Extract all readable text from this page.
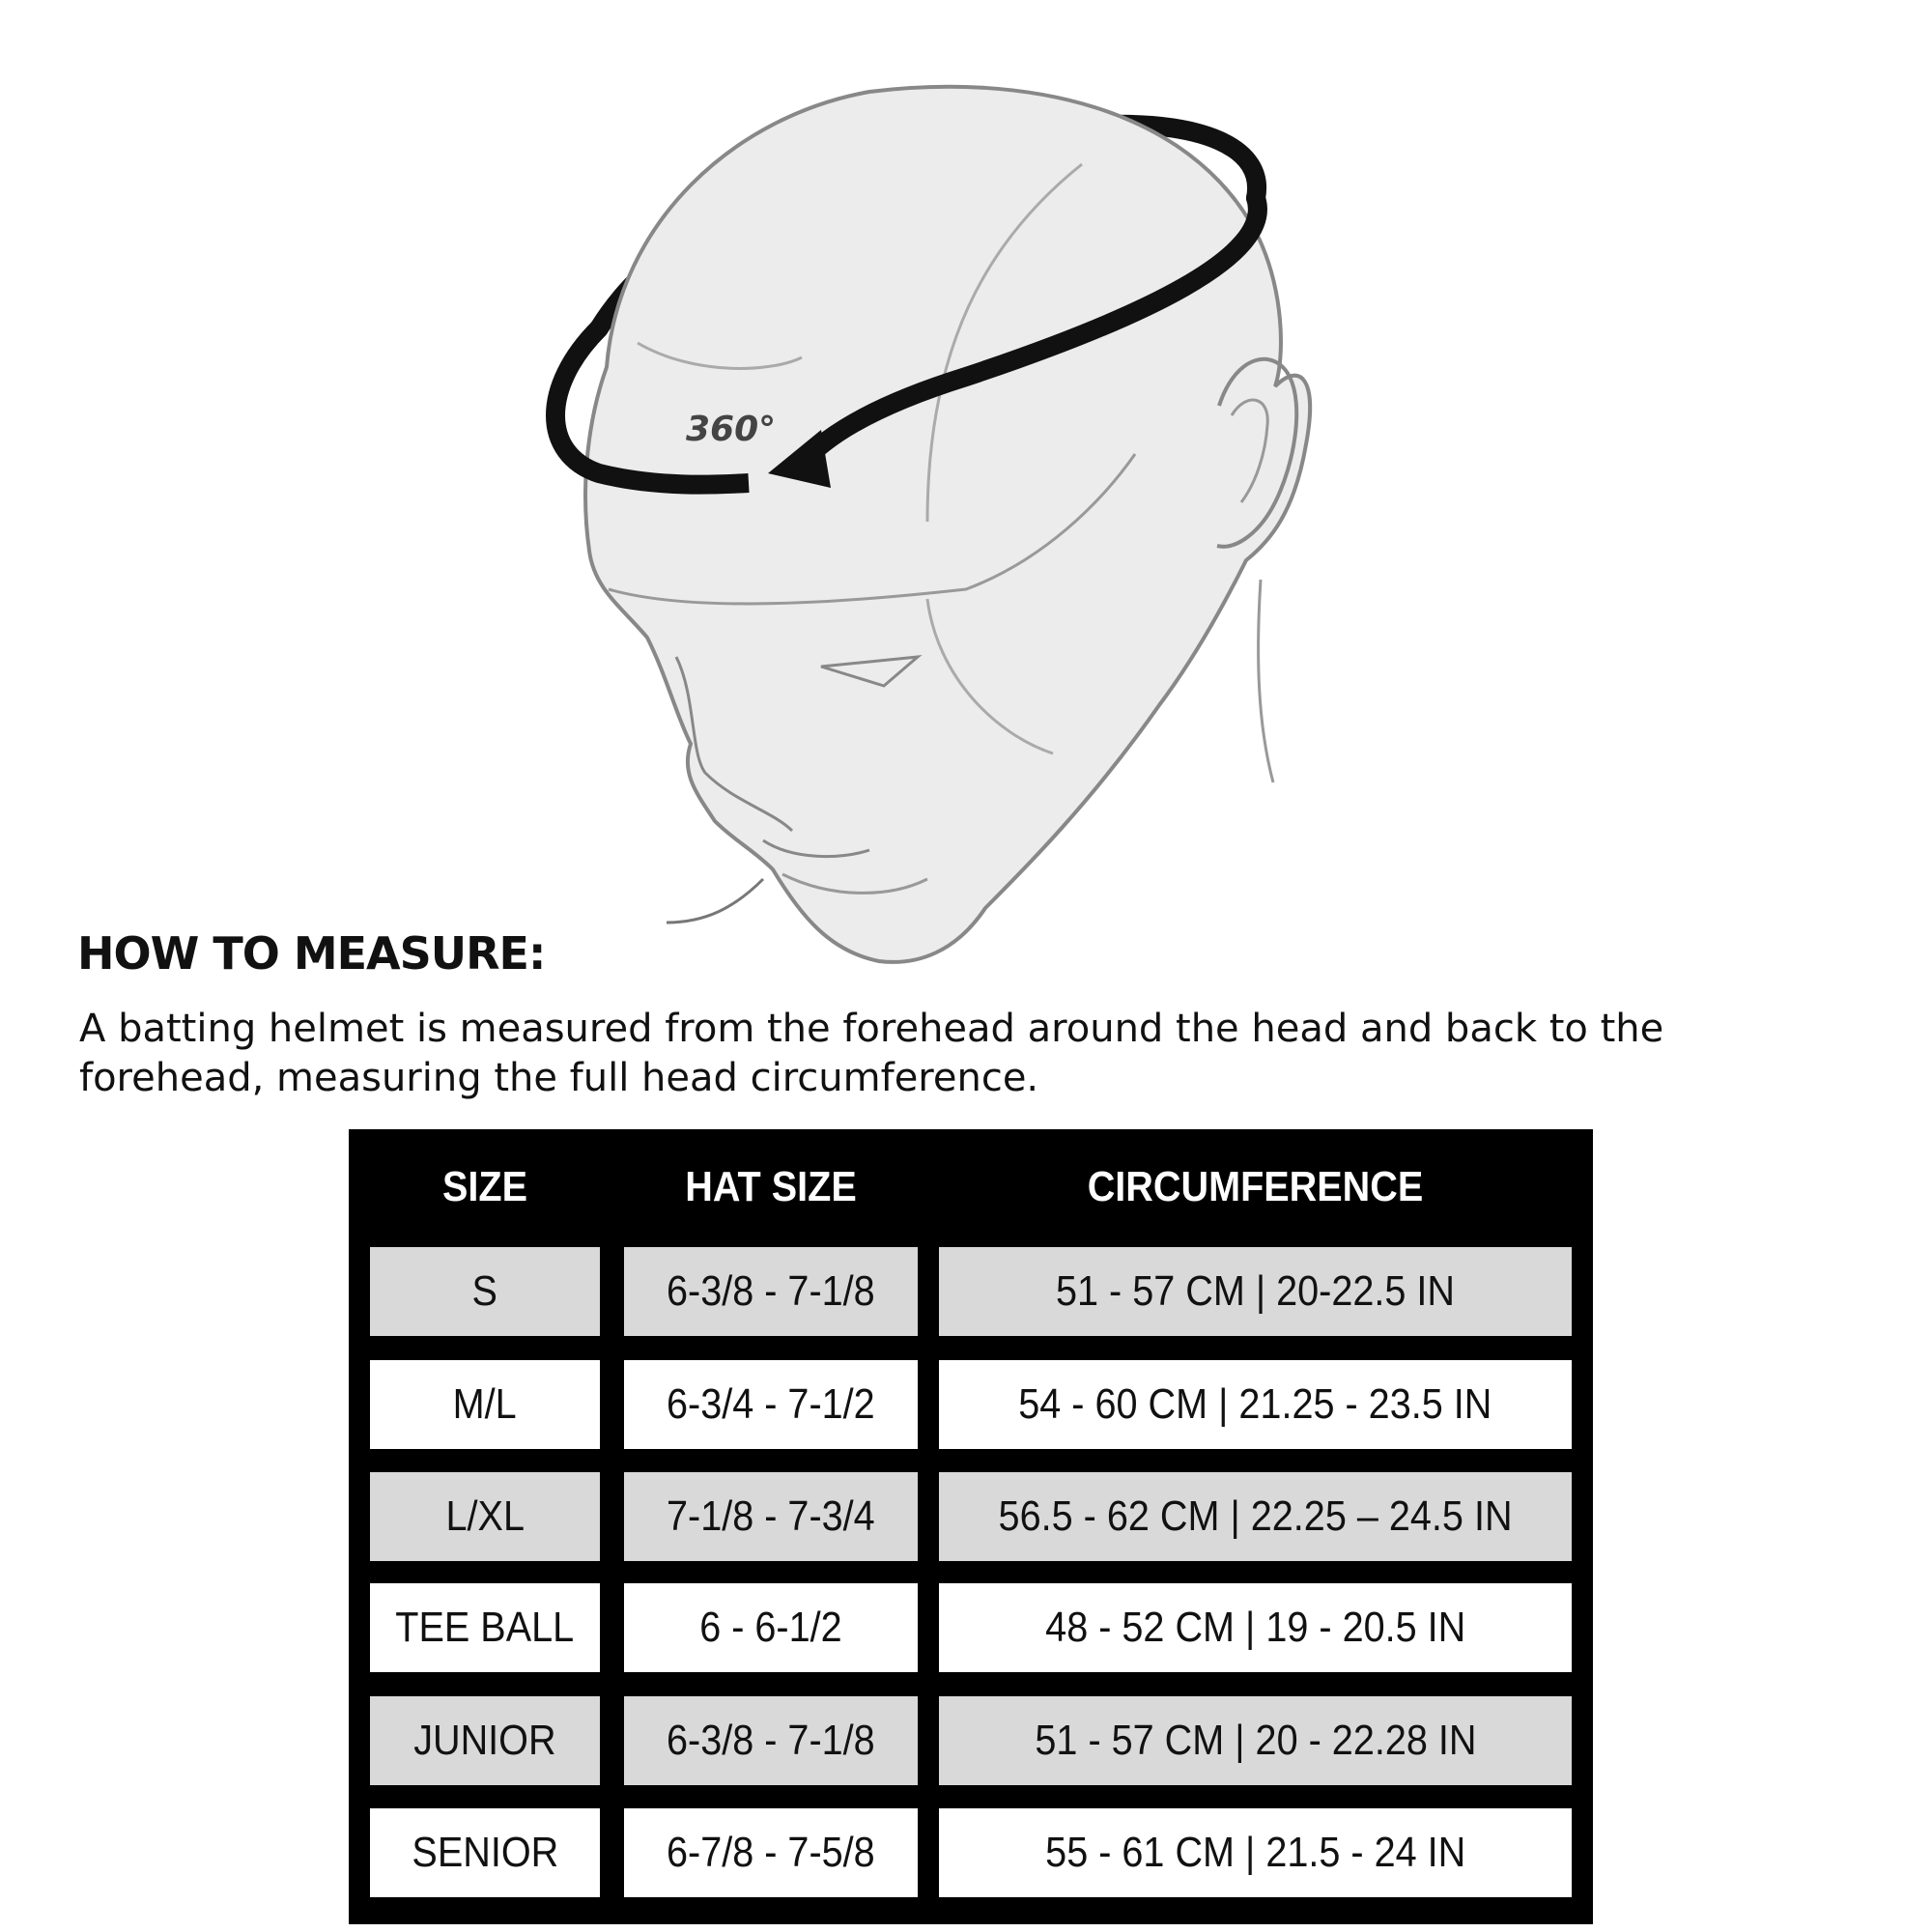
360°
HOW TO MEASURE:

A batting helmet is measured from the forehead around the head and back to the forehead, measuring the full head circumference.

SIZE	HAT SIZE	CIRCUMFERENCE
S	6-3/8 - 7-1/8	51 - 57 CM | 20-22.5 IN
M/L	6-3/4 - 7-1/2	54 - 60 CM | 21.25 - 23.5 IN
L/XL	7-1/8 - 7-3/4	56.5 - 62 CM | 22.25 – 24.5 IN
TEE BALL	6 - 6-1/2	48 - 52 CM | 19 - 20.5 IN
JUNIOR	6-3/8 - 7-1/8	51 - 57 CM | 20 - 22.28 IN
SENIOR	6-7/8 - 7-5/8	55 - 61 CM | 21.5 - 24 IN
